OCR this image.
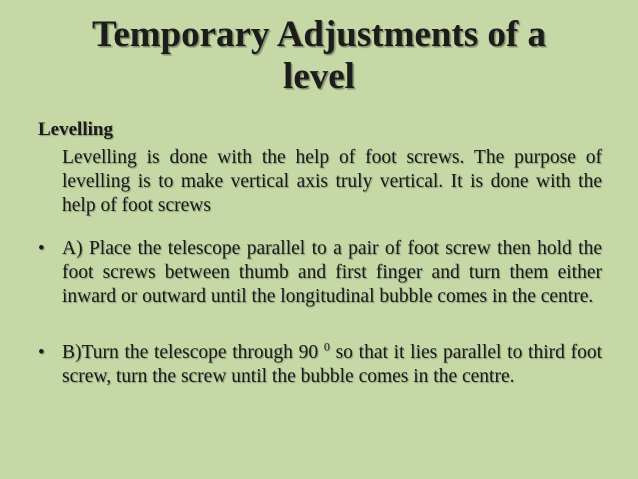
Temporary Adjustments of a level

Levelling

Levelling is done with the help of foot screws. The purpose of levelling is to make vertical axis truly vertical. It is done with the help of foot screws

• A) Place the telescope parallel to a pair of foot screw then hold the foot screws between thumb and first finger and turn them either inward or outward until the longitudinal bubble comes in the centre.

• B)Turn the telescope through 90 $^0$ so that it lies parallel to third foot screw, turn the screw until the bubble comes in the centre.
